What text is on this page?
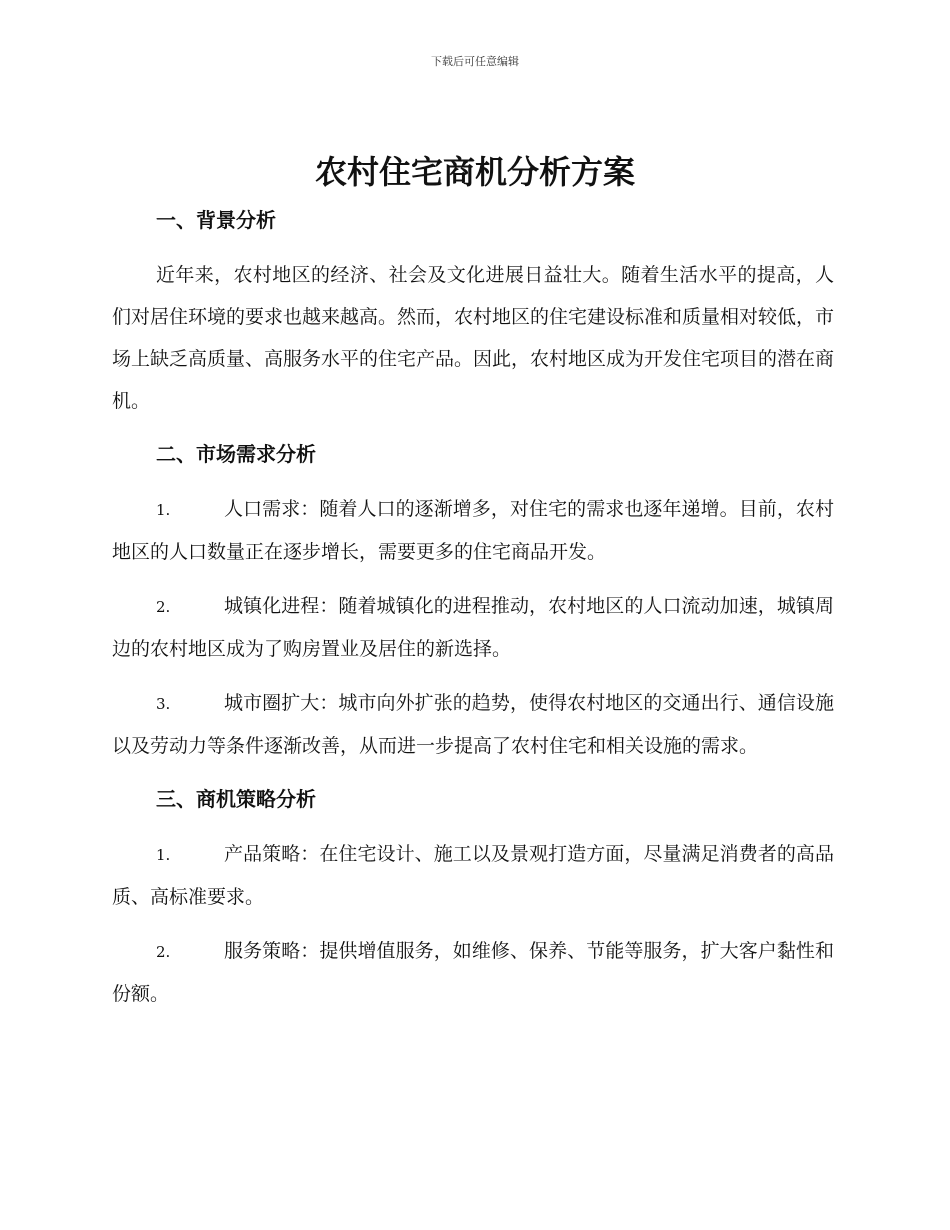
下载后可任意编辑
农村住宅商机分析方案
一、背景分析

近年来，农村地区的经济、社会及文化进展日益壮大。随着生活水平的提高，人们对居住环境的要求也越来越高。然而，农村地区的住宅建设标准和质量相对较低，市场上缺乏高质量、高服务水平的住宅产品。因此，农村地区成为开发住宅项目的潜在商机。

二、市场需求分析

1.	人口需求：随着人口的逐渐增多，对住宅的需求也逐年递增。目前，农村地区的人口数量正在逐步增长，需要更多的住宅商品开发。

2.	城镇化进程：随着城镇化的进程推动，农村地区的人口流动加速，城镇周边的农村地区成为了购房置业及居住的新选择。

3.	城市圈扩大：城市向外扩张的趋势，使得农村地区的交通出行、通信设施以及劳动力等条件逐渐改善，从而进一步提高了农村住宅和相关设施的需求。

三、商机策略分析

1.	产品策略：在住宅设计、施工以及景观打造方面，尽量满足消费者的高品质、高标准要求。

2.	服务策略：提供增值服务，如维修、保养、节能等服务，扩大客户黏性和份额。
